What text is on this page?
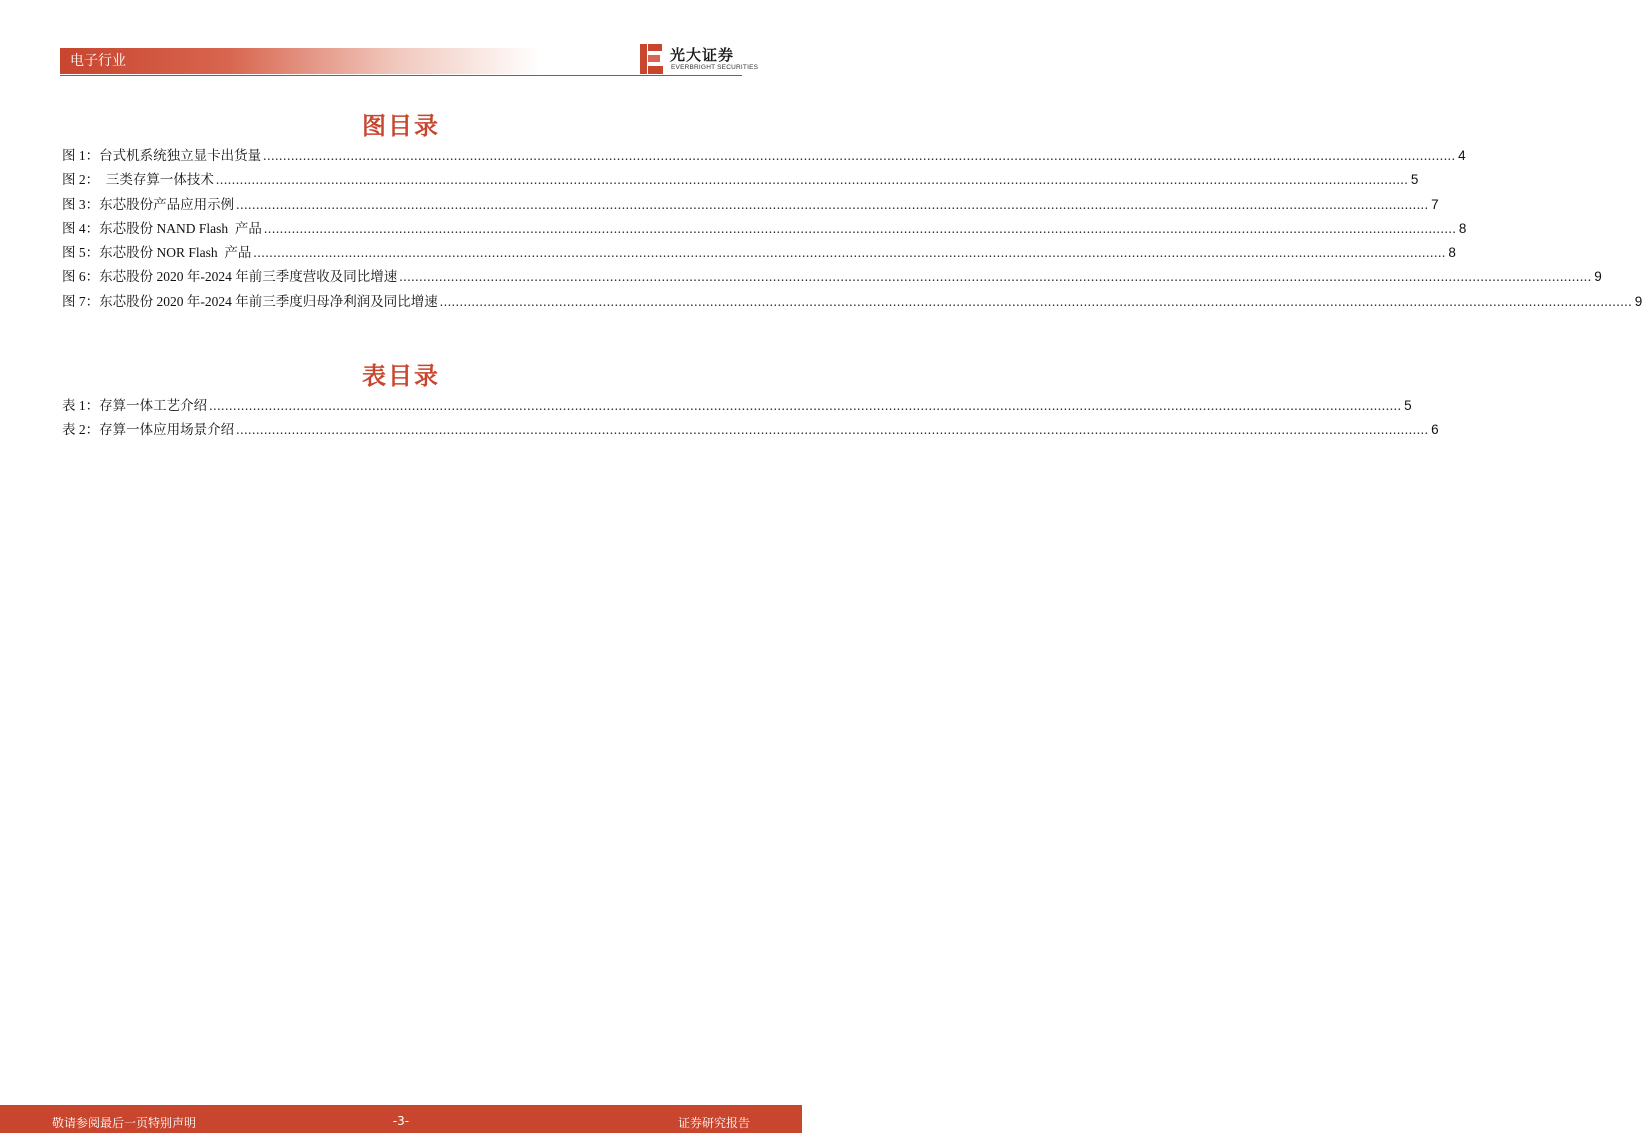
电子行业	光大证券
EVERBRIGHT SECURITIES
图目录
图 1：台式机系统独立显卡出货量 ............................................................................................................................................................................................................................................................................................................ 4
图 2：  三类存算一体技术 ............................................................................................................................................................................................................................................................................................................ 5
图 3：东芯股份产品应用示例 ............................................................................................................................................................................................................................................................................................................ 7
图 4：东芯股份 NAND Flash  产品 ............................................................................................................................................................................................................................................................................................................ 8
图 5：东芯股份 NOR Flash  产品 ............................................................................................................................................................................................................................................................................................................ 8
图 6：东芯股份 2020 年-2024 年前三季度营收及同比增速 ............................................................................................................................................................................................................................................................................................................ 9
图 7：东芯股份 2020 年-2024 年前三季度归母净利润及同比增速 ............................................................................................................................................................................................................................................................................................................ 9
表目录
表 1：存算一体工艺介绍 ............................................................................................................................................................................................................................................................................................................ 5
表 2：存算一体应用场景介绍 ............................................................................................................................................................................................................................................................................................................ 6
敬请参阅最后一页特别声明	-3-	证券研究报告
